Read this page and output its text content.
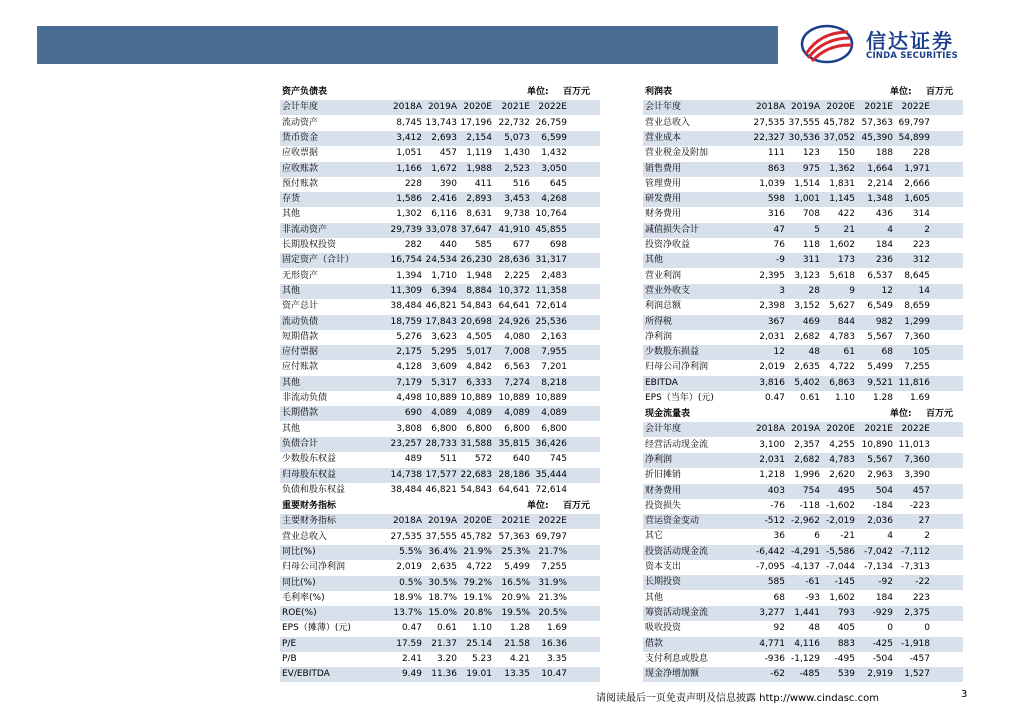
信达证券
CINDA SECURITIES
资产负债表	单位: 百万元
会计年度	2018A 2019A 2020E	2021E 2022E
流动资产	8,745 13,743 17,196 22,732 26,759
货币资金	3,412	2,693	2,154	5,073	6,599
应收票据	1,051	457	1,119	1,430	1,432
应收账款	1,166	1,672	1,988	2,523	3,050
预付账款	228	390	411	516	645
存货	1,586	2,416	2,893	3,453	4,268
其他	1,302	6,116	8,631	9,738 10,764
非流动资产	29,739 33,078 37,647 41,910 45,855
长期股权投资	282	440	585	677	698
固定资产（合计）	16,754 24,534 26,230 28,636 31,317
无形资产	1,394	1,710	1,948	2,225	2,483
其他	11,309	6,394	8,884 10,372 11,358
资产总计	38,484 46,821 54,843 64,641 72,614
流动负债	18,759 17,843 20,698 24,926 25,536
短期借款	5,276	3,623	4,505	4,080	2,163
应付票据	2,175	5,295	5,017	7,008	7,955
应付账款	4,128	3,609	4,842	6,563	7,201
其他	7,179	5,317	6,333	7,274	8,218
非流动负债	4,498 10,889 10,889 10,889 10,889
长期借款	690	4,089	4,089	4,089	4,089
其他	3,808	6,800	6,800	6,800	6,800
负债合计	23,257 28,733 31,588 35,815 36,426
少数股东权益	489	511	572	640	745
归母股东权益	14,738 17,577 22,683 28,186 35,444
负债和股东权益	38,484 46,821 54,843 64,641 72,614
重要财务指标	单位: 百万元
主要财务指标	2018A 2019A 2020E	2021E 2022E
营业总收入	27,535 37,555 45,782 57,363 69,797
同比(%)	5.5% 36.4% 21.9%	25.3% 21.7%
归母公司净利润	2,019	2,635	4,722	5,499	7,255
同比(%)	0.5% 30.5% 79.2%	16.5% 31.9%
毛利率(%)	18.9% 18.7% 19.1%	20.9% 21.3%
ROE(%)	13.7% 15.0% 20.8%	19.5% 20.5%
EPS（摊薄）(元)	0.47	0.61	1.10	1.28	1.69
P/E	17.59	21.37	25.14	21.58	16.36
P/B	2.41	3.20	5.23	4.21	3.35
EV/EBITDA	9.49	11.36	19.01	13.35	10.47
利润表	单位: 百万元
会计年度	2018A 2019A 2020E	2021E 2022E
营业总收入	27,535 37,555 45,782 57,363 69,797
营业成本	22,327 30,536 37,052 45,390 54,899
营业税金及附加	111	123	150	188	228
销售费用	863	975	1,362	1,664	1,971
管理费用	1,039	1,514	1,831	2,214	2,666
研发费用	598	1,001	1,145	1,348	1,605
财务费用	316	708	422	436	314
减值损失合计	47	5	21	4	2
投资净收益	76	118	1,602	184	223
其他	-9	311	173	236	312
营业利润	2,395	3,123	5,618	6,537	8,645
营业外收支	3	28	9	12	14
利润总额	2,398	3,152	5,627	6,549	8,659
所得税	367	469	844	982	1,299
净利润	2,031	2,682	4,783	5,567	7,360
少数股东损益	12	48	61	68	105
归母公司净利润	2,019	2,635	4,722	5,499	7,255
EBITDA	3,816	5,402	6,863	9,521 11,816
EPS（当年）(元)	0.47	0.61	1.10	1.28	1.69
现金流量表	单位: 百万元
会计年度	2018A 2019A 2020E	2021E 2022E
经营活动现金流	3,100	2,357	4,255 10,890 11,013
净利润	2,031	2,682	4,783	5,567	7,360
折旧摊销	1,218	1,996	2,620	2,963	3,390
财务费用	403	754	495	504	457
投资损失	-76	-118 -1,602	-184	-223
营运资金变动	-512 -2,962 -2,019	2,036	27
其它	36	6	-21	4	2
投资活动现金流	-6,442 -4,291 -5,586 -7,042 -7,112
资本支出	-7,095 -4,137 -7,044 -7,134 -7,313
长期投资	585	-61	-145	-92	-22
其他	68	-93	1,602	184	223
筹资活动现金流	3,277	1,441	793	-929	2,375
吸收投资	92	48	405	0	0
借款	4,771	4,116	883	-425 -1,918
支付利息或股息	-936 -1,129	-495	-504	-457
现金净增加额	-62	-485	539	2,919	1,527
请阅读最后一页免责声明及信息披露 http://www.cindasc.com	3
